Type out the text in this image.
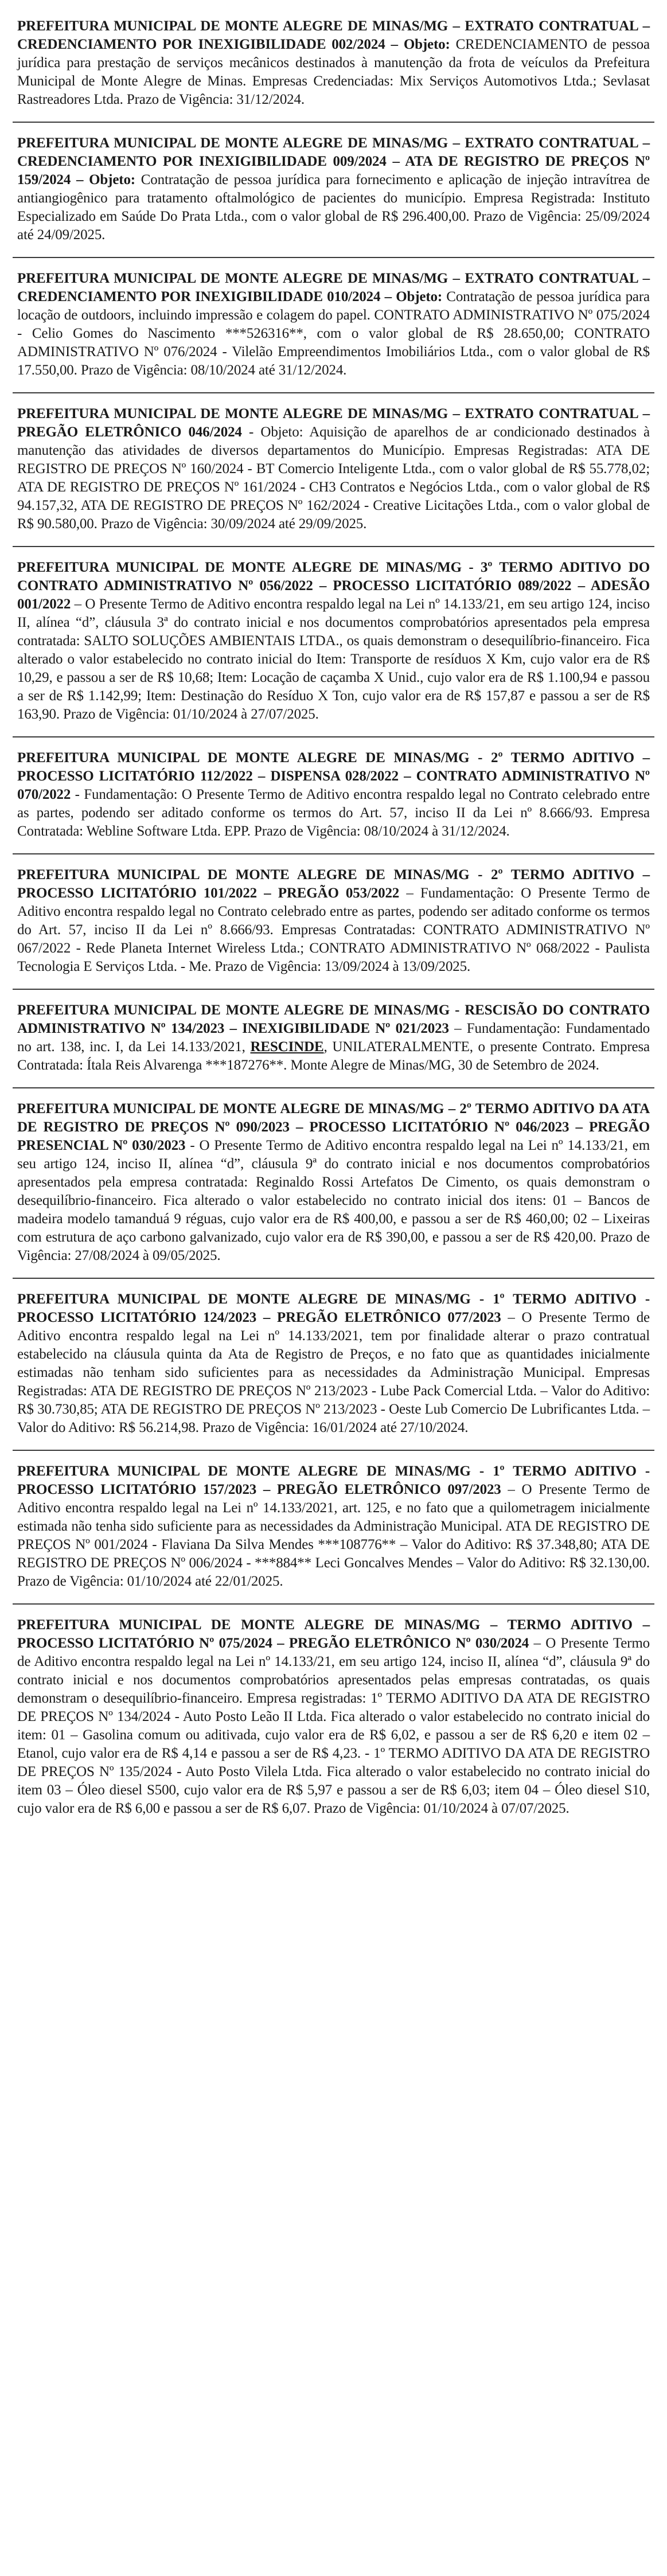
PREFEITURA MUNICIPAL DE MONTE ALEGRE DE MINAS/MG – EXTRATO CONTRATUAL – CREDENCIAMENTO POR INEXIGIBILIDADE 002/2024 – Objeto: CREDENCIAMENTO de pessoa jurídica para prestação de serviços mecânicos destinados à manutenção da frota de veículos da Prefeitura Municipal de Monte Alegre de Minas. Empresas Credenciadas: Mix Serviços Automotivos Ltda.; Sevlasat Rastreadores Ltda. Prazo de Vigência: 31/12/2024.
PREFEITURA MUNICIPAL DE MONTE ALEGRE DE MINAS/MG – EXTRATO CONTRATUAL – CREDENCIAMENTO POR INEXIGIBILIDADE 009/2024 – ATA DE REGISTRO DE PREÇOS Nº 159/2024 – Objeto: Contratação de pessoa jurídica para fornecimento e aplicação de injeção intravítrea de antiangiogênico para tratamento oftalmológico de pacientes do município. Empresa Registrada: Instituto Especializado em Saúde Do Prata Ltda., com o valor global de R$ 296.400,00. Prazo de Vigência: 25/09/2024 até 24/09/2025.
PREFEITURA MUNICIPAL DE MONTE ALEGRE DE MINAS/MG – EXTRATO CONTRATUAL – CREDENCIAMENTO POR INEXIGIBILIDADE 010/2024 – Objeto: Contratação de pessoa jurídica para locação de outdoors, incluindo impressão e colagem do papel. CONTRATO ADMINISTRATIVO Nº 075/2024 - Celio Gomes do Nascimento ***526316**, com o valor global de R$ 28.650,00; CONTRATO ADMINISTRATIVO Nº 076/2024 - Vilelão Empreendimentos Imobiliários Ltda., com o valor global de R$ 17.550,00. Prazo de Vigência: 08/10/2024 até 31/12/2024.
PREFEITURA MUNICIPAL DE MONTE ALEGRE DE MINAS/MG – EXTRATO CONTRATUAL – PREGÃO ELETRÔNICO 046/2024 - Objeto: Aquisição de aparelhos de ar condicionado destinados à manutenção das atividades de diversos departamentos do Município. Empresas Registradas: ATA DE REGISTRO DE PREÇOS Nº 160/2024 - BT Comercio Inteligente Ltda., com o valor global de R$ 55.778,02; ATA DE REGISTRO DE PREÇOS Nº 161/2024 - CH3 Contratos e Negócios Ltda., com o valor global de R$ 94.157,32, ATA DE REGISTRO DE PREÇOS Nº 162/2024 - Creative Licitações Ltda., com o valor global de R$ 90.580,00. Prazo de Vigência: 30/09/2024 até 29/09/2025.
PREFEITURA MUNICIPAL DE MONTE ALEGRE DE MINAS/MG - 3º TERMO ADITIVO DO CONTRATO ADMINISTRATIVO Nº 056/2022 – PROCESSO LICITATÓRIO 089/2022 – ADESÃO 001/2022 – O Presente Termo de Aditivo encontra respaldo legal na Lei nº 14.133/21, em seu artigo 124, inciso II, alínea “d”, cláusula 3ª do contrato inicial e nos documentos comprobatórios apresentados pela empresa contratada: SALTO SOLUÇÕES AMBIENTAIS LTDA., os quais demonstram o desequilíbrio-financeiro. Fica alterado o valor estabelecido no contrato inicial do Item: Transporte de resíduos X Km, cujo valor era de R$ 10,29, e passou a ser de R$ 10,68; Item: Locação de caçamba X Unid., cujo valor era de R$ 1.100,94 e passou a ser de R$ 1.142,99; Item: Destinação do Resíduo X Ton, cujo valor era de R$ 157,87 e passou a ser de R$ 163,90. Prazo de Vigência: 01/10/2024 à 27/07/2025.
PREFEITURA MUNICIPAL DE MONTE ALEGRE DE MINAS/MG - 2º TERMO ADITIVO – PROCESSO LICITATÓRIO 112/2022 – DISPENSA 028/2022 – CONTRATO ADMINISTRATIVO Nº 070/2022 - Fundamentação: O Presente Termo de Aditivo encontra respaldo legal no Contrato celebrado entre as partes, podendo ser aditado conforme os termos do Art. 57, inciso II da Lei nº 8.666/93. Empresa Contratada: Webline Software Ltda. EPP. Prazo de Vigência: 08/10/2024 à 31/12/2024.
PREFEITURA MUNICIPAL DE MONTE ALEGRE DE MINAS/MG - 2º TERMO ADITIVO – PROCESSO LICITATÓRIO 101/2022 – PREGÃO 053/2022 – Fundamentação: O Presente Termo de Aditivo encontra respaldo legal no Contrato celebrado entre as partes, podendo ser aditado conforme os termos do Art. 57, inciso II da Lei nº 8.666/93. Empresas Contratadas: CONTRATO ADMINISTRATIVO Nº 067/2022 - Rede Planeta Internet Wireless Ltda.; CONTRATO ADMINISTRATIVO Nº 068/2022 - Paulista Tecnologia E Serviços Ltda. - Me. Prazo de Vigência: 13/09/2024 à 13/09/2025.
PREFEITURA MUNICIPAL DE MONTE ALEGRE DE MINAS/MG - RESCISÃO DO CONTRATO ADMINISTRATIVO Nº 134/2023 – INEXIGIBILIDADE Nº 021/2023 – Fundamentação: Fundamentado no art. 138, inc. I, da Lei 14.133/2021, RESCINDE, UNILATERALMENTE, o presente Contrato. Empresa Contratada: Ítala Reis Alvarenga ***187276**. Monte Alegre de Minas/MG, 30 de Setembro de 2024.
PREFEITURA MUNICIPAL DE MONTE ALEGRE DE MINAS/MG – 2º TERMO ADITIVO DA ATA DE REGISTRO DE PREÇOS Nº 090/2023 – PROCESSO LICITATÓRIO Nº 046/2023 – PREGÃO PRESENCIAL Nº 030/2023 - O Presente Termo de Aditivo encontra respaldo legal na Lei nº 14.133/21, em seu artigo 124, inciso II, alínea “d”, cláusula 9ª do contrato inicial e nos documentos comprobatórios apresentados pela empresa contratada: Reginaldo Rossi Artefatos De Cimento, os quais demonstram o desequilíbrio-financeiro. Fica alterado o valor estabelecido no contrato inicial dos itens: 01 – Bancos de madeira modelo tamanduá 9 réguas, cujo valor era de R$ 400,00, e passou a ser de R$ 460,00; 02 – Lixeiras com estrutura de aço carbono galvanizado, cujo valor era de R$ 390,00, e passou a ser de R$ 420,00. Prazo de Vigência: 27/08/2024 à 09/05/2025.
PREFEITURA MUNICIPAL DE MONTE ALEGRE DE MINAS/MG - 1º TERMO ADITIVO - PROCESSO LICITATÓRIO 124/2023 – PREGÃO ELETRÔNICO 077/2023 – O Presente Termo de Aditivo encontra respaldo legal na Lei nº 14.133/2021, tem por finalidade alterar o prazo contratual estabelecido na cláusula quinta da Ata de Registro de Preços, e no fato que as quantidades inicialmente estimadas não tenham sido suficientes para as necessidades da Administração Municipal. Empresas Registradas: ATA DE REGISTRO DE PREÇOS Nº 213/2023 - Lube Pack Comercial Ltda. – Valor do Aditivo: R$ 30.730,85; ATA DE REGISTRO DE PREÇOS Nº 213/2023 - Oeste Lub Comercio De Lubrificantes Ltda. – Valor do Aditivo: R$ 56.214,98. Prazo de Vigência: 16/01/2024 até 27/10/2024.
PREFEITURA MUNICIPAL DE MONTE ALEGRE DE MINAS/MG - 1º TERMO ADITIVO - PROCESSO LICITATÓRIO 157/2023 – PREGÃO ELETRÔNICO 097/2023 – O Presente Termo de Aditivo encontra respaldo legal na Lei nº 14.133/2021, art. 125, e no fato que a quilometragem inicialmente estimada não tenha sido suficiente para as necessidades da Administração Municipal. ATA DE REGISTRO DE PREÇOS Nº 001/2024 - Flaviana Da Silva Mendes ***108776** – Valor do Aditivo: R$ 37.348,80; ATA DE REGISTRO DE PREÇOS Nº 006/2024 - ***884** Leci Goncalves Mendes – Valor do Aditivo: R$ 32.130,00. Prazo de Vigência: 01/10/2024 até 22/01/2025.
PREFEITURA MUNICIPAL DE MONTE ALEGRE DE MINAS/MG – TERMO ADITIVO – PROCESSO LICITATÓRIO Nº 075/2024 – PREGÃO ELETRÔNICO Nº 030/2024 – O Presente Termo de Aditivo encontra respaldo legal na Lei nº 14.133/21, em seu artigo 124, inciso II, alínea “d”, cláusula 9ª do contrato inicial e nos documentos comprobatórios apresentados pelas empresas contratadas, os quais demonstram o desequilíbrio-financeiro. Empresa registradas: 1º TERMO ADITIVO DA ATA DE REGISTRO DE PREÇOS Nº 134/2024 - Auto Posto Leão II Ltda. Fica alterado o valor estabelecido no contrato inicial do item: 01 – Gasolina comum ou aditivada, cujo valor era de R$ 6,02, e passou a ser de R$ 6,20 e item 02 – Etanol, cujo valor era de R$ 4,14 e passou a ser de R$ 4,23. - 1º TERMO ADITIVO DA ATA DE REGISTRO DE PREÇOS Nº 135/2024 - Auto Posto Vilela Ltda. Fica alterado o valor estabelecido no contrato inicial do item 03 – Óleo diesel S500, cujo valor era de R$ 5,97 e passou a ser de R$ 6,03; item 04 – Óleo diesel S10, cujo valor era de R$ 6,00 e passou a ser de R$ 6,07. Prazo de Vigência: 01/10/2024 à 07/07/2025.
